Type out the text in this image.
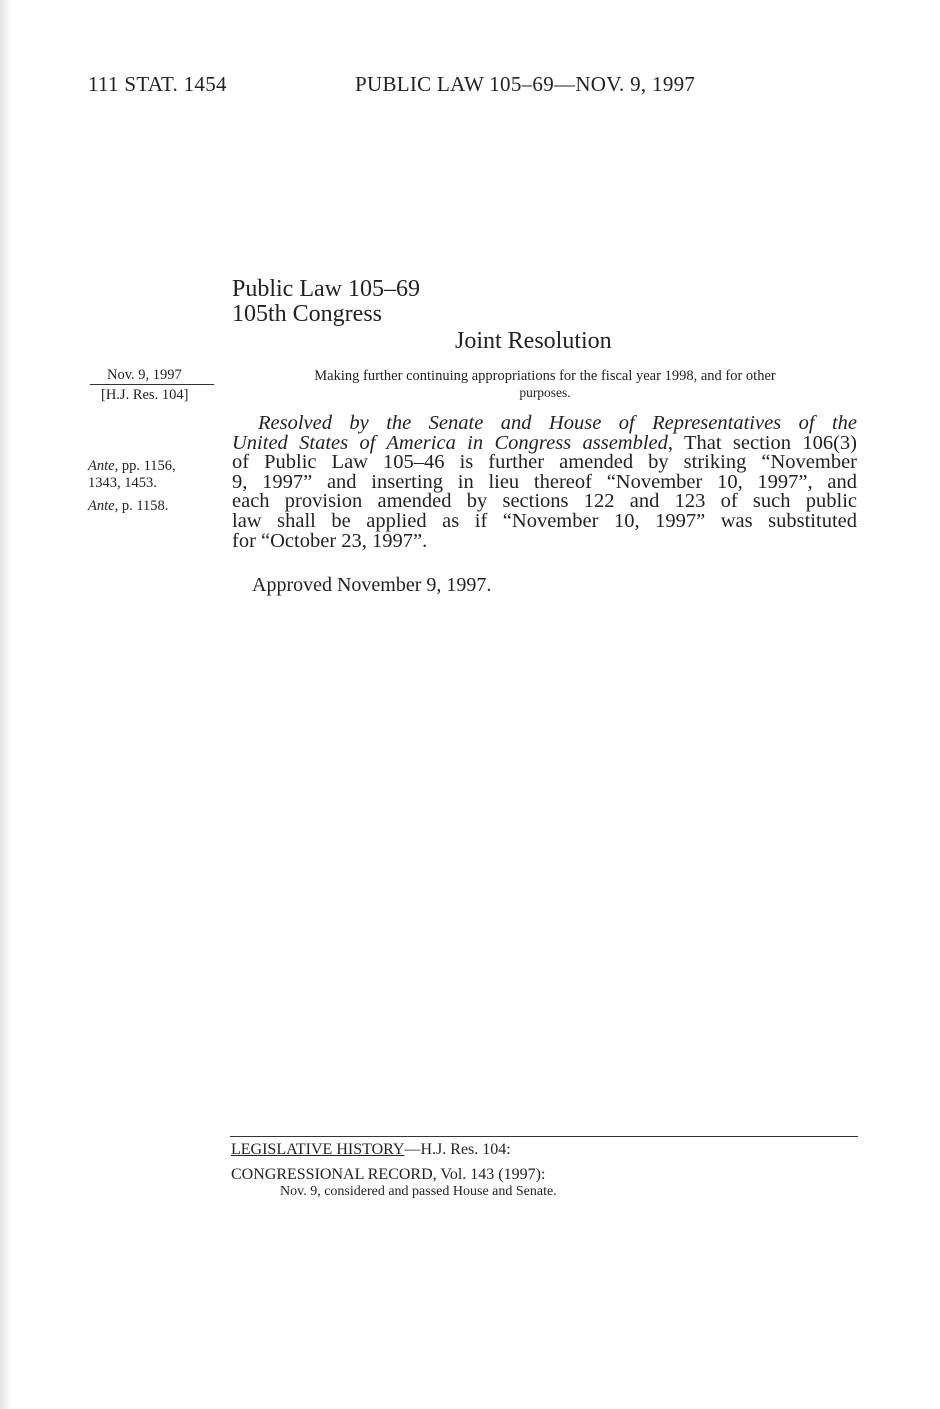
111 STAT. 1454	PUBLIC LAW 105–69—NOV. 9, 1997
Public Law 105–69
105th Congress
Joint Resolution
Nov. 9, 1997
[H.J. Res. 104]
Making further continuing appropriations for the fiscal year 1998, and for other
purposes.
Ante, pp. 1156,
1343, 1453.
Ante, p. 1158.
Resolved by the Senate and House of Representatives of the
United States of America in Congress assembled, That section 106(3)
of Public Law 105–46 is further amended by striking “November
9, 1997” and inserting in lieu thereof “November 10, 1997”, and
each provision amended by sections 122 and 123 of such public
law shall be applied as if “November 10, 1997” was substituted
for “October 23, 1997”.
Approved November 9, 1997.
LEGISLATIVE HISTORY—H.J. Res. 104:
CONGRESSIONAL RECORD, Vol. 143 (1997):
Nov. 9, considered and passed House and Senate.
